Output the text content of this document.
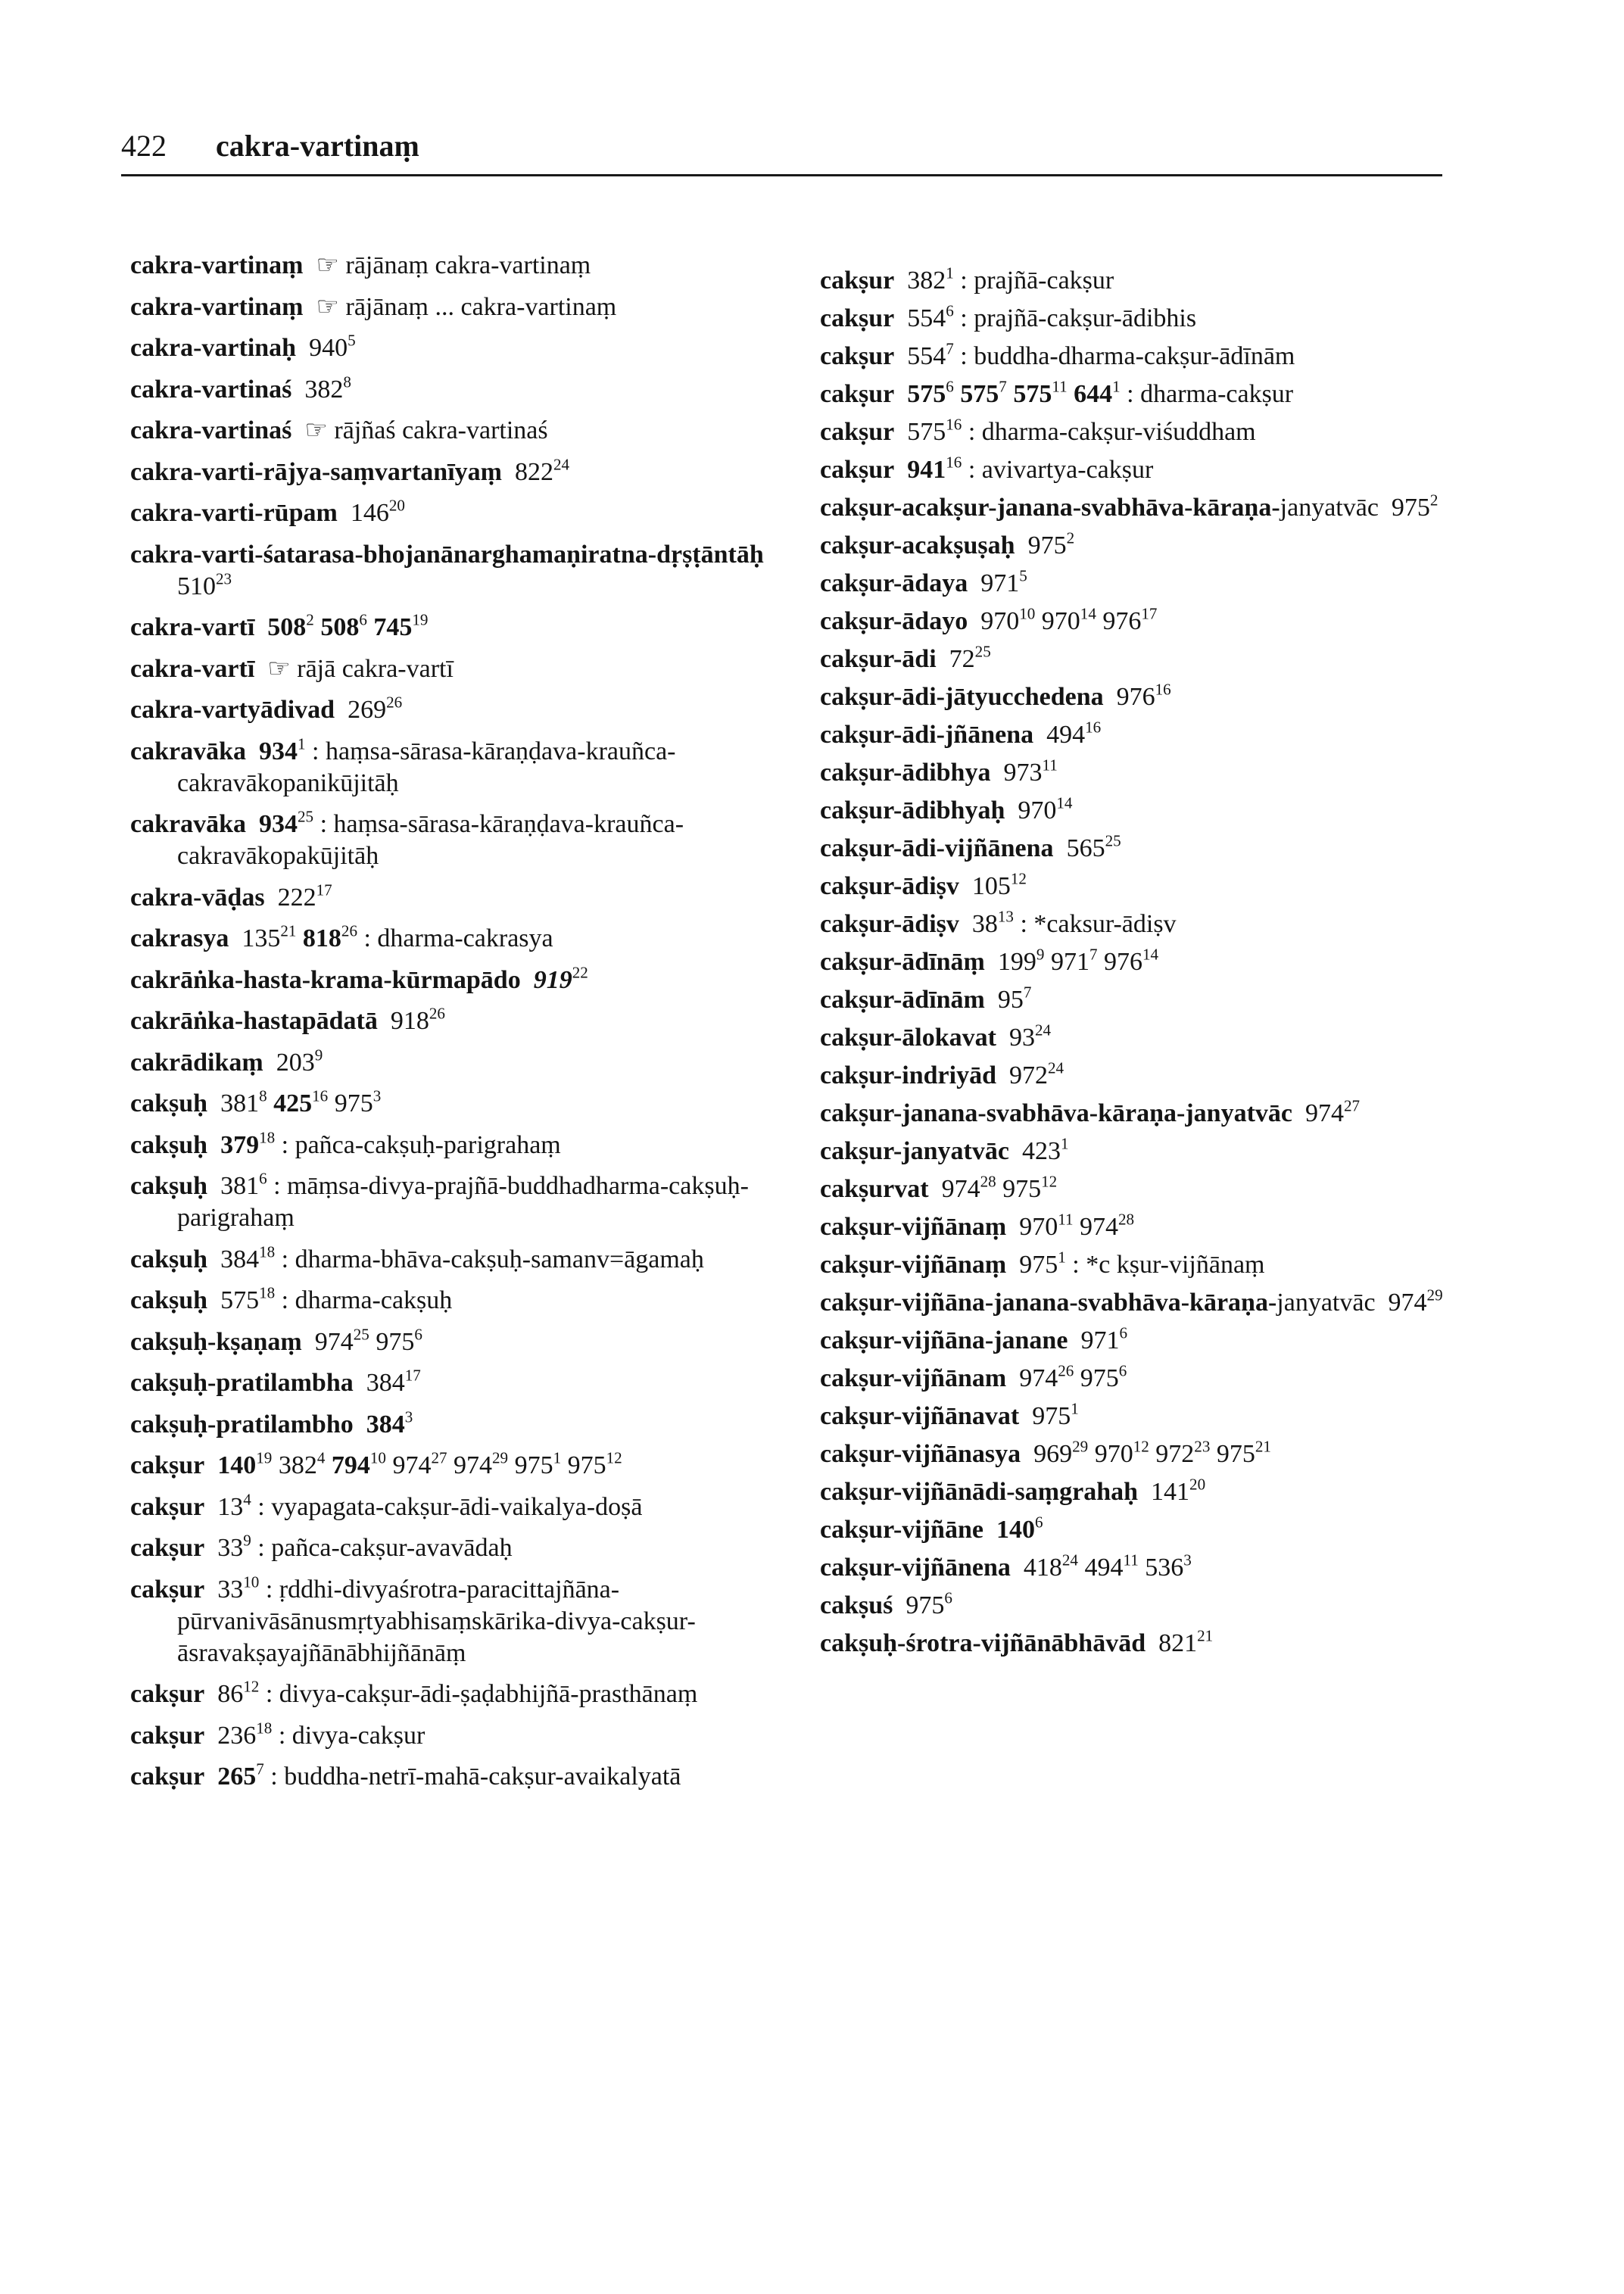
422 cakra-vartinaṃ
cakra-vartinaṃ  ☞ rājānaṃ cakra-vartinaṃ
cakra-vartinaṃ  ☞ rājānaṃ ... cakra-vartinaṃ
cakra-vartinaḥ  $940^5$
cakra-vartinaś  $382^8$
cakra-vartinaś  ☞ rājñaś cakra-vartinaś
cakra-varti-rājya-saṃvartanīyaṃ  $822^{24}$
cakra-varti-rūpam  $146^{20}$
cakra-varti-śatarasa-bhojanānarghamaṇiratna-dṛṣṭāntāḥ  $510^{23}$
cakra-vartī $508^2$ $508^6$ $745^{19}$
cakra-vartī  ☞ rājā cakra-vartī
cakra-vartyādivad  $269^{26}$
cakravāka $934^1$ : haṃsa-sārasa-kāraṇḍava-krauñca-cakravākopanikūjitāḥ
cakravāka $934^{25}$ : haṃsa-sārasa-kāraṇḍava-krauñca-cakravākopakūjitāḥ
cakra-vāḍas  $222^{17}$
cakrasya  $135^{21}$ $818^{26}$ : dharma-cakrasya
cakrāṅka-hasta-krama-kūrmapādo $919^{22}$
cakrāṅka-hastapādatā  $918^{26}$
cakrādikaṃ  $203^9$
cakṣuḥ  $381^8$ $425^{16}$ $975^3$
cakṣuḥ $379^{18}$ : pañca-cakṣuḥ-parigrahaṃ
cakṣuḥ  $381^6$ : māṃsa-divya-prajñā-buddhadharma-cakṣuḥ-parigrahaṃ
cakṣuḥ  $384^{18}$ : dharma-bhāva-cakṣuḥ-samanv=āgamaḥ
cakṣuḥ  $575^{18}$ : dharma-cakṣuḥ
cakṣuḥ-kṣaṇaṃ  $974^{25}$ $975^6$
cakṣuḥ-pratilambha  $384^{17}$
cakṣuḥ-pratilambho $384^3$
cakṣur $140^{19}$ $382^4$ $794^{10}$ $974^{27}$ $974^{29}$ $975^1$ $975^{12}$
cakṣur  $13^4$ : vyapagata-cakṣur-ādi-vaikalya-doṣā
cakṣur  $33^9$ : pañca-cakṣur-avavādaḥ
cakṣur  $33^{10}$ : ṛddhi-divyaśrotra-paracittajñāna-pūrvanivāsānusmṛtyabhisaṃskārika-divya-cakṣur-āsravakṣayajñānābhijñānāṃ
cakṣur  $86^{12}$ : divya-cakṣur-ādi-ṣaḍabhijñā-prasthānaṃ
cakṣur  $236^{18}$ : divya-cakṣur
cakṣur $265^7$ : buddha-netrī-mahā-cakṣur-avaikalyatā
cakṣur  $382^1$ : prajñā-cakṣur
cakṣur  $554^6$ : prajñā-cakṣur-ādibhis
cakṣur  $554^7$ : buddha-dharma-cakṣur-ādīnām
cakṣur $575^6$ $575^7$ $575^{11}$ $644^1$ : dharma-cakṣur
cakṣur  $575^{16}$ : dharma-cakṣur-viśuddham
cakṣur $941^{16}$ : avivartya-cakṣur
cakṣur-acakṣur-janana-svabhāva-kāraṇa-janyatvāc  $975^2$
cakṣur-acakṣuṣaḥ  $975^2$
cakṣur-ādaya  $971^5$
cakṣur-ādayo  $970^{10}$ $970^{14}$ $976^{17}$
cakṣur-ādi  $72^{25}$
cakṣur-ādi-jātyucchedena  $976^{16}$
cakṣur-ādi-jñānena  $494^{16}$
cakṣur-ādibhya  $973^{11}$
cakṣur-ādibhyaḥ  $970^{14}$
cakṣur-ādi-vijñānena  $565^{25}$
cakṣur-ādiṣv  $105^{12}$
cakṣur-ādiṣv  $38^{13}$ : *caksur-ādiṣv
cakṣur-ādīnāṃ  $199^9$ $971^7$ $976^{14}$
cakṣur-ādīnām  $95^7$
cakṣur-ālokavat  $93^{24}$
cakṣur-indriyād  $972^{24}$
cakṣur-janana-svabhāva-kāraṇa-janyatvāc  $974^{27}$
cakṣur-janyatvāc  $423^1$
cakṣurvat  $974^{28}$ $975^{12}$
cakṣur-vijñānaṃ  $970^{11}$ $974^{28}$
cakṣur-vijñānaṃ  $975^1$ : *c kṣur-vijñānaṃ
cakṣur-vijñāna-janana-svabhāva-kāraṇa-janyatvāc  $974^{29}$
cakṣur-vijñāna-janane  $971^6$
cakṣur-vijñānam  $974^{26}$ $975^6$
cakṣur-vijñānavat  $975^1$
cakṣur-vijñānasya  $969^{29}$ $970^{12}$ $972^{23}$ $975^{21}$
cakṣur-vijñānādi-saṃgrahaḥ  $141^{20}$
cakṣur-vijñāne $140^6$
cakṣur-vijñānena  $418^{24}$ $494^{11}$ $536^3$
cakṣuś  $975^6$
cakṣuḥ-śrotra-vijñānābhāvād  $821^{21}$
